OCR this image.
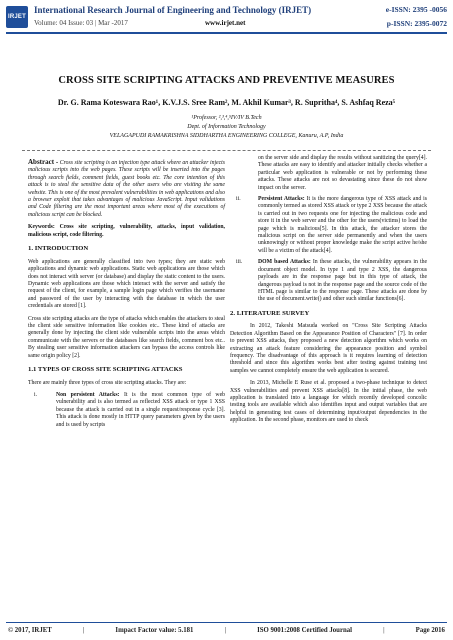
IRJET
International Research Journal of Engineering and Technology (IRJET)	e-ISSN: 2395 -0056
Volume: 04 Issue: 03 | Mar -2017	www.irjet.net	p-ISSN: 2395-0072
CROSS SITE SCRIPTING ATTACKS AND PREVENTIVE MEASURES
Dr. G. Rama Koteswara Rao¹, K.V.J.S. Sree Ram², M. Akhil Kumar³, R. Supritha⁴, S. Ashfaq Reza⁵
¹Professor, ²,³,⁴,⁵IV/IV B.Tech
Dept. of Information Technology
VELAGAPUDI RAMAKRISHNA SIDDHARTHA ENGINEERING COLLEGE, Kanuru, A.P, India

Abstract - Cross site scripting is an injection type attack where an attacker injects malicious scripts into the web pages. These scripts will be inserted into the pages through search fields, comment fields, guest books etc. The core intention of this attack is to steal the sensitive data of the other users who are visiting the same website. This is one of the most prevalent vulnerabilities in web applications and also a browser exploit that takes advantages of malicious JavaScript. Input validations and Code filtering are the most important areas where most of the executions of malicious script can be blocked.

Keywords: Cross site scripting, vulnerability, attacks, input validation, malicious script, code filtering.

1. INTRODUCTION

Web applications are generally classified into two types; they are static web applications and dynamic web applications. Static web applications are those which does not interact with server (or database) and display the static content to the users. Dynamic web applications are those which interact with the server and satisfy the request of the client, for example, a sample login page which verifies the username and password of the user by interacting with the database in which the user credentials are stored [1].

Cross site scripting attacks are the type of attacks which enables the attackers to steal the client side sensitive information like cookies etc.. These kind of attacks are generally done by injecting the client side vulnerable scripts into the areas which communicate with the servers or the databases like search fields, comment box etc.. By stealing user sensitive information attackers can bypass the access controls like same origin policy [2].

1.1 TYPES OF CROSS SITE SCRIPTING ATTACKS

There are mainly three types of cross site scripting attacks. They are:

i.	Non persistent Attacks: It is the most common type of web vulnerability and is also termed as reflected XSS attack or type 1 XSS because the attack is carried out in a single request/response cycle [3]. This attack is done mostly in HTTP query parameters given by the users and is used by scripts
on the server side and display the results without sanitizing the query[4]. These attacks are easy to identify and attacker initially checks whether a particular web application is vulnerable or not by performing these attacks. These attacks are not so devastating since these do not show impact on the server.
ii.	Persistent Attacks: It is the more dangerous type of XSS attack and is commonly termed as stored XSS attack or type 2 XSS because the attack is carried out in two requests one for injecting the malicious code and store it in the web server and the other for the users(victims) to load the page which is malicious[5]. In this attack, the attacker stores the malicious script on the server side permanently and when the users unknowingly or without proper knowledge make the script active he/she will be a victim of the attack[4].
iii.	DOM based Attacks: In these attacks, the vulnerability appears in the document object model. In type 1 and type 2 XSS, the dangerous payloads are in the response page but in this type of attack, the dangerous payload is not in the response page and the source code of the HTML page is similar to the response page. These attacks are done by the use of document.write() and other such similar functions[6].
2. LITERATURE SURVEY

In 2012, Takeshi Matsuda worked on "Cross Site Scripting Attacks Detection Algorithm Based on the Appearance Position of Characters" [7]. In order to prevent XSS attacks, they proposed a new detection algorithm which works on extracting an attack feature considering the appearance position and symbol frequency. The disadvantage of this approach is it requires learning of detection threshold and since this algorithm works best after testing against training test samples we cannot completely ensure the web application is secured.

In 2013, Michelle E Ruse et al. proposed a two-phase technique to detect XSS vulnerabilities and prevent XSS attacks[8]. In the initial phase, the web application is translated into a language for which recently developed concolic testing tools are available which also identifies input and output variables that are helpful in generating test cases of determining input/output dependencies in the application. In the second phase, monitors are used to check

© 2017, IRJET	|	Impact Factor value: 5.181	|	ISO 9001:2008 Certified Journal	|	Page 2016
